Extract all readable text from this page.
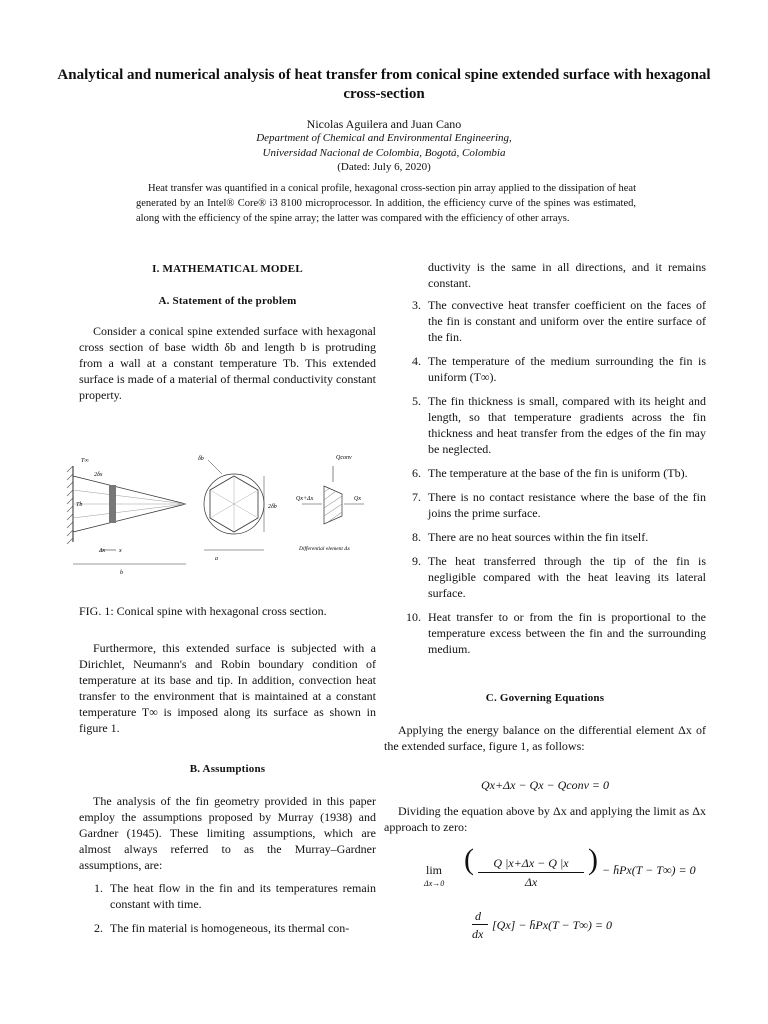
Analytical and numerical analysis of heat transfer from conical spine extended surface with hexagonal cross-section
Nicolas Aguilera and Juan Cano
Department of Chemical and Environmental Engineering,
Universidad Nacional de Colombia, Bogotá, Colombia
(Dated: July 6, 2020)

Heat transfer was quantified in a conical profile, hexagonal cross-section pin array applied to the dissipation of heat generated by an Intel® Core® i3 8100 microprocessor. In addition, the efficiency curve of the spines was estimated, along with the efficiency of the spine array; the latter was compared with the efficiency of other arrays.

I. MATHEMATICAL MODEL
A. Statement of the problem

Consider a conical spine extended surface with hexagonal cross section of base width δb and length b is protruding from a wall at a constant temperature Tb. This extended surface is made of a material of thermal conductivity constant property.

FIG. 1: Conical spine with hexagonal cross section.

Furthermore, this extended surface is subjected with a Dirichlet, Neumann's and Robin boundary condition of temperature at its base and tip. In addition, convection heat transfer to the environment that is maintained at a constant temperature T∞ is imposed along its surface as shown in figure 1.

B. Assumptions

The analysis of the fin geometry provided in this paper employ the assumptions proposed by Murray (1938) and Gardner (1945). These limiting assumptions, which are almost always referred to as the Murray–Gardner assumptions, are:

1. The heat flow in the fin and its temperatures remain constant with time.
2. The fin material is homogeneous, its thermal con-
T∞
2δx
Tb
Δx x
b
δb
2δb
a
Qconv
Qx+Δx	Qx
Differential element Δx

ductivity is the same in all directions, and it remains constant.

3. The convective heat transfer coefficient on the faces of the fin is constant and uniform over the entire surface of the fin.
4. The temperature of the medium surrounding the fin is uniform (T∞).
5. The fin thickness is small, compared with its height and length, so that temperature gradients across the fin thickness and heat transfer from the edges of the fin may be neglected.
6. The temperature at the base of the fin is uniform (Tb).
7. There is no contact resistance where the base of the fin joins the prime surface.
8. There are no heat sources within the fin itself.
9. The heat transferred through the tip of the fin is negligible compared with the heat leaving its lateral surface.
10. Heat transfer to or from the fin is proportional to the temperature excess between the fin and the surrounding medium.
C. Governing Equations

Applying the energy balance on the differential element Δx of the extended surface, figure 1, as follows:

Qx+Δx − Qx − Qconv = 0

Dividing the equation above by Δx and applying the limit as Δx approach to zero:

lim
Δx→0
(	Q |x+Δx − Q |x
Δx
) − h̄Px(T − T∞) = 0
d
dx
[Qx] − h̄Px(T − T∞) = 0
